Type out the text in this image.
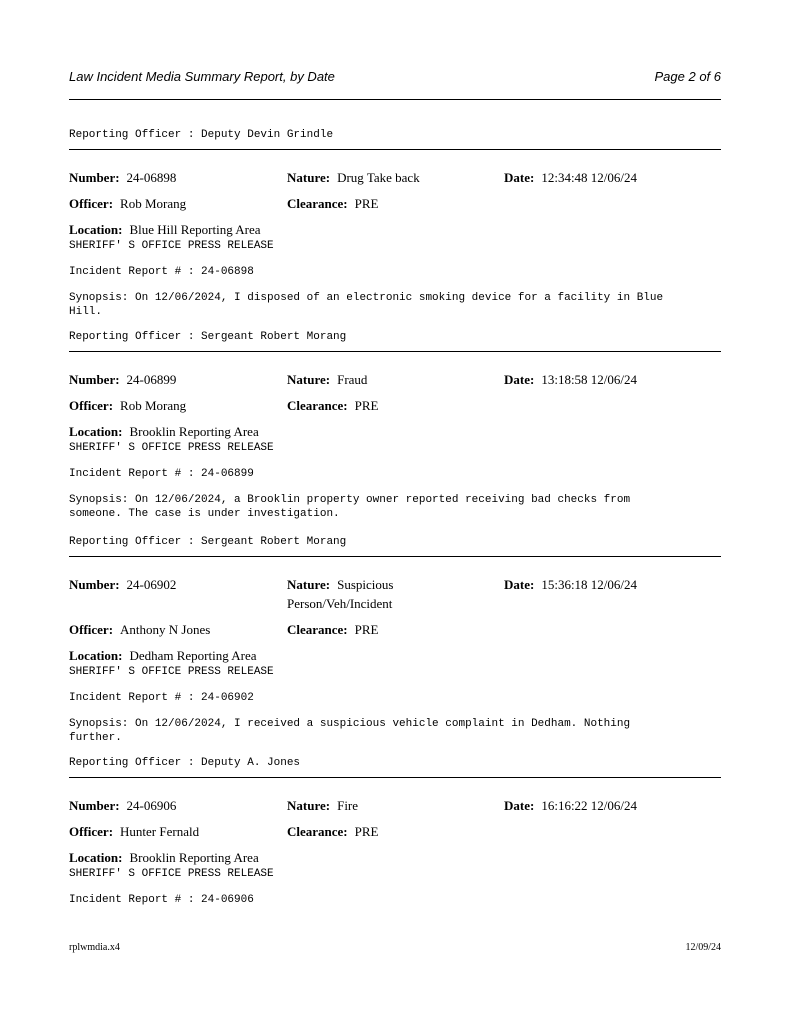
Law Incident Media Summary Report, by Date	Page 2 of 6
Reporting Officer : Deputy Devin Grindle
Number: 24-06898	Nature: Drug Take back	Date: 12:34:48 12/06/24
Officer: Rob Morang	Clearance: PRE
Location: Blue Hill Reporting Area
SHERIFF' S OFFICE PRESS RELEASE
Incident Report # : 24-06898
Synopsis: On 12/06/2024, I disposed of an electronic smoking device for a facility in Blue
Hill.
Reporting Officer : Sergeant Robert Morang
Number: 24-06899	Nature: Fraud	Date: 13:18:58 12/06/24
Officer: Rob Morang	Clearance: PRE
Location: Brooklin Reporting Area
SHERIFF' S OFFICE PRESS RELEASE
Incident Report # : 24-06899
Synopsis: On 12/06/2024, a Brooklin property owner reported receiving bad checks from
someone. The case is under investigation.
Reporting Officer : Sergeant Robert Morang
Number: 24-06902	Nature: Suspicious
Person/Veh/Incident
Date: 15:36:18 12/06/24
Officer: Anthony N Jones	Clearance: PRE
Location: Dedham Reporting Area
SHERIFF' S OFFICE PRESS RELEASE
Incident Report # : 24-06902
Synopsis: On 12/06/2024, I received a suspicious vehicle complaint in Dedham. Nothing
further.
Reporting Officer : Deputy A. Jones
Number: 24-06906	Nature: Fire	Date: 16:16:22 12/06/24
Officer: Hunter Fernald	Clearance: PRE
Location: Brooklin Reporting Area
SHERIFF' S OFFICE PRESS RELEASE
Incident Report # : 24-06906
rplwmdia.x4	12/09/24
